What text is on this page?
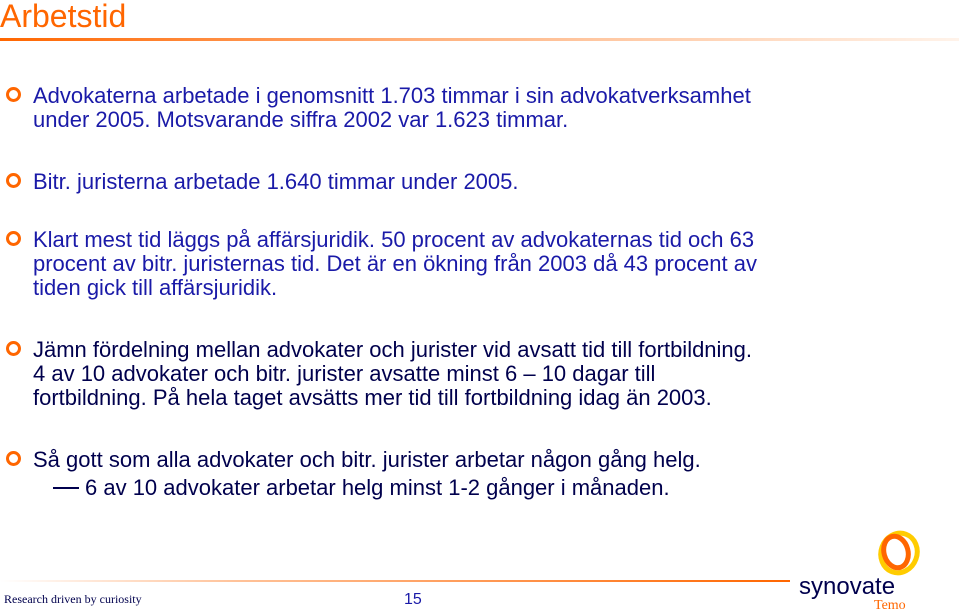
Arbetstid
Advokaterna arbetade i genomsnitt 1.703 timmar i sin advokatverksamhet
under 2005. Motsvarande siffra 2002 var 1.623 timmar.
Bitr. juristerna arbetade 1.640 timmar under 2005.
Klart mest tid läggs på affärsjuridik. 50 procent av advokaternas tid och 63
procent av bitr. juristernas tid. Det är en ökning från 2003 då 43 procent av
tiden gick till affärsjuridik.
Jämn fördelning mellan advokater och jurister vid avsatt tid till fortbildning.
4 av 10 advokater och bitr. jurister avsatte minst 6 – 10 dagar till
fortbildning. På hela taget avsätts mer tid till fortbildning idag än 2003.
Så gott som alla advokater och bitr. jurister arbetar någon gång helg.
6 av 10 advokater arbetar helg minst 1-2 gånger i månaden.
Research driven by curiosity	15	synovate
Temo
